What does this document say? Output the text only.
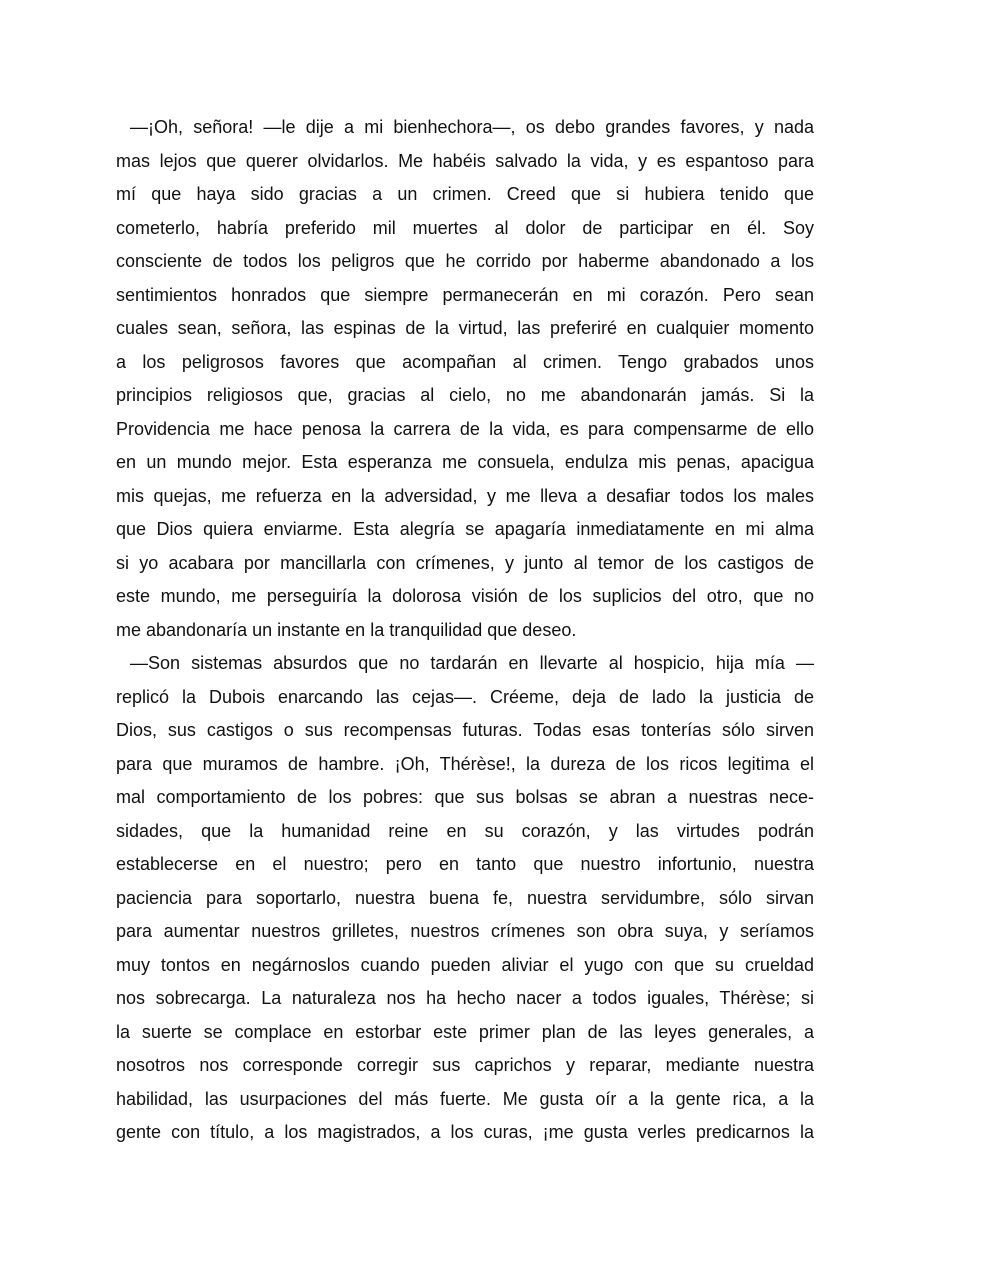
—¡Oh, señora! —le dije a mi bienhechora—, os debo grandes favores, y nada
mas lejos que querer olvidarlos. Me habéis salvado la vida, y es espantoso para
mí que haya sido gracias a un crimen. Creed que si hubiera tenido que
cometerlo, habría preferido mil muertes al dolor de participar en él. Soy
consciente de todos los peligros que he corrido por haberme abandonado a los
sentimientos honrados que siempre permanecerán en mi corazón. Pero sean
cuales sean, señora, las espinas de la virtud, las preferiré en cualquier momento
a los peligrosos favores que acompañan al crimen. Tengo grabados unos
principios religiosos que, gracias al cielo, no me abandonarán jamás. Si la
Providencia me hace penosa la carrera de la vida, es para compensarme de ello
en un mundo mejor. Esta esperanza me consuela, endulza mis penas, apacigua
mis quejas, me refuerza en la adversidad, y me lleva a desafiar todos los males
que Dios quiera enviarme. Esta alegría se apagaría inmediatamente en mi alma
si yo acabara por mancillarla con crímenes, y junto al temor de los castigos de
este mundo, me perseguiría la dolorosa visión de los suplicios del otro, que no
me abandonaría un instante en la tranquilidad que deseo.
—Son sistemas absurdos que no tardarán en llevarte al hospicio, hija mía —
replicó la Dubois enarcando las cejas—. Créeme, deja de lado la justicia de
Dios, sus castigos o sus recompensas futuras. Todas esas tonterías sólo sirven
para que muramos de hambre. ¡Oh, Thérèse!, la dureza de los ricos legitima el
mal comportamiento de los pobres: que sus bolsas se abran a nuestras nece-
sidades, que la humanidad reine en su corazón, y las virtudes podrán
establecerse en el nuestro; pero en tanto que nuestro infortunio, nuestra
paciencia para soportarlo, nuestra buena fe, nuestra servidumbre, sólo sirvan
para aumentar nuestros grilletes, nuestros crímenes son obra suya, y seríamos
muy tontos en negárnoslos cuando pueden aliviar el yugo con que su crueldad
nos sobrecarga. La naturaleza nos ha hecho nacer a todos iguales, Thérèse; si
la suerte se complace en estorbar este primer plan de las leyes generales, a
nosotros nos corresponde corregir sus caprichos y reparar, mediante nuestra
habilidad, las usurpaciones del más fuerte. Me gusta oír a la gente rica, a la
gente con título, a los magistrados, a los curas, ¡me gusta verles predicarnos la
